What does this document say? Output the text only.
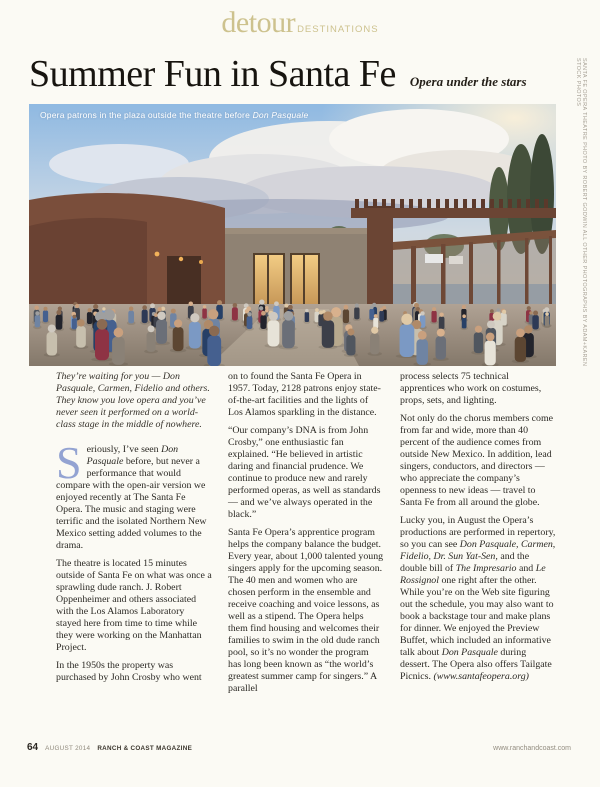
detour DESTINATIONS
Summer Fun in Santa Fe Opera under the stars	SANTA FE OPERA THEATRE PHOTO BY ROBERT GODWIN ALL OTHER PHOTOGRAPHS BY ADAM+KAREN STOCK PHOTOS
Opera patrons in the plaza outside the theatre before Don Pasquale

They’re waiting for you — Don Pasquale, Carmen, Fidelio and others. They know you love opera and you’ve never seen it performed on a world-class stage in the middle of nowhere.

Seriously, I’ve seen Don Pasquale before, but never a performance that would compare with the open-air version we enjoyed recently at The Santa Fe Opera. The music and staging were terrific and the isolated Northern New Mexico setting added volumes to the drama.

The theatre is located 15 minutes outside of Santa Fe on what was once a sprawling dude ranch. J. Robert Oppenheimer and others associated with the Los Alamos Laboratory stayed here from time to time while they were working on the Manhattan Project.

In the 1950s the property was purchased by John Crosby who went

on to found the Santa Fe Opera in 1957. Today, 2128 patrons enjoy state-of-the-art facilities and the lights of Los Alamos sparkling in the distance.

“Our company’s DNA is from John Crosby,” one enthusiastic fan explained. “He believed in artistic daring and financial prudence. We continue to produce new and rarely performed operas, as well as standards — and we’ve always operated in the black.”

Santa Fe Opera’s apprentice program helps the company balance the budget. Every year, about 1,000 talented young singers apply for the upcoming season. The 40 men and women who are chosen perform in the ensemble and receive coaching and voice lessons, as well as a stipend. The Opera helps them find housing and welcomes their families to swim in the old dude ranch pool, so it’s no wonder the program has long been known as “the world’s greatest summer camp for singers.” A parallel

process selects 75 technical apprentices who work on costumes, props, sets, and lighting.

Not only do the chorus members come from far and wide, more than 40 percent of the audience comes from outside New Mexico. In addition, lead singers, conductors, and directors — who appreciate the company’s openness to new ideas — travel to Santa Fe from all around the globe.

Lucky you, in August the Opera’s productions are performed in repertory, so you can see Don Pasquale, Carmen, Fidelio, Dr. Sun Yat-Sen, and the double bill of The Impresario and Le Rossignol one right after the other. While you’re on the Web site figuring out the schedule, you may also want to book a backstage tour and make plans for dinner. We enjoyed the Preview Buffet, which included an informative talk about Don Pasquale during dessert. The Opera also offers Tailgate Picnics. (www.santafeopera.org)

64 AUGUST 2014 RANCH & COAST MAGAZINE	www.ranchandcoast.com
